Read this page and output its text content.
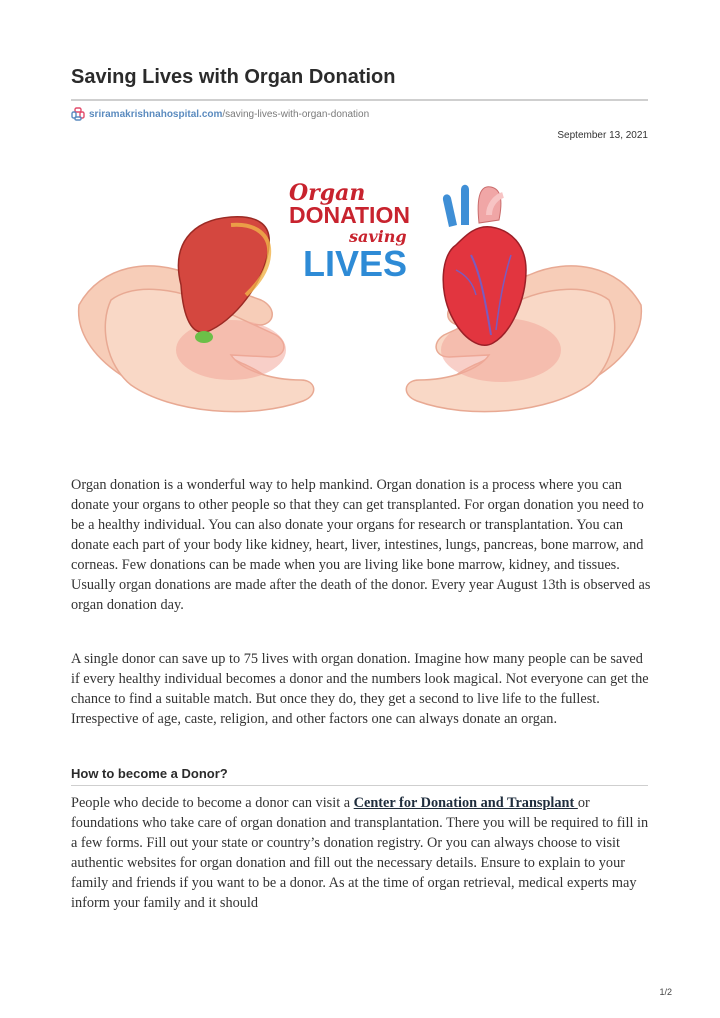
Saving Lives with Organ Donation
sriramakrishnahospital.com /saving-lives-with-organ-donation
September 13, 2021
Organ
DONATION
saving
LIVES

Organ donation is a wonderful way to help mankind. Organ donation is a process where you can donate your organs to other people so that they can get transplanted. For organ donation you need to be a healthy individual. You can also donate your organs for research or transplantation. You can donate each part of your body like kidney, heart, liver, intestines, lungs, pancreas, bone marrow, and corneas. Few donations can be made when you are living like bone marrow, kidney, and tissues. Usually organ donations are made after the death of the donor. Every year August 13th is observed as organ donation day.

A single donor can save up to 75 lives with organ donation. Imagine how many people can be saved if every healthy individual becomes a donor and the numbers look magical. Not everyone can get the chance to find a suitable match. But once they do, they get a second to live life to the fullest. Irrespective of age, caste, religion, and other factors one can always donate an organ.

How to become a Donor?

People who decide to become a donor can visit a Center for Donation and Transplant or foundations who take care of organ donation and transplantation. There you will be required to fill in a few forms. Fill out your state or country’s donation registry. Or you can always choose to visit authentic websites for organ donation and fill out the necessary details. Ensure to explain to your family and friends if you want to be a donor. As at the time of organ retrieval, medical experts may inform your family and it should

1/2
